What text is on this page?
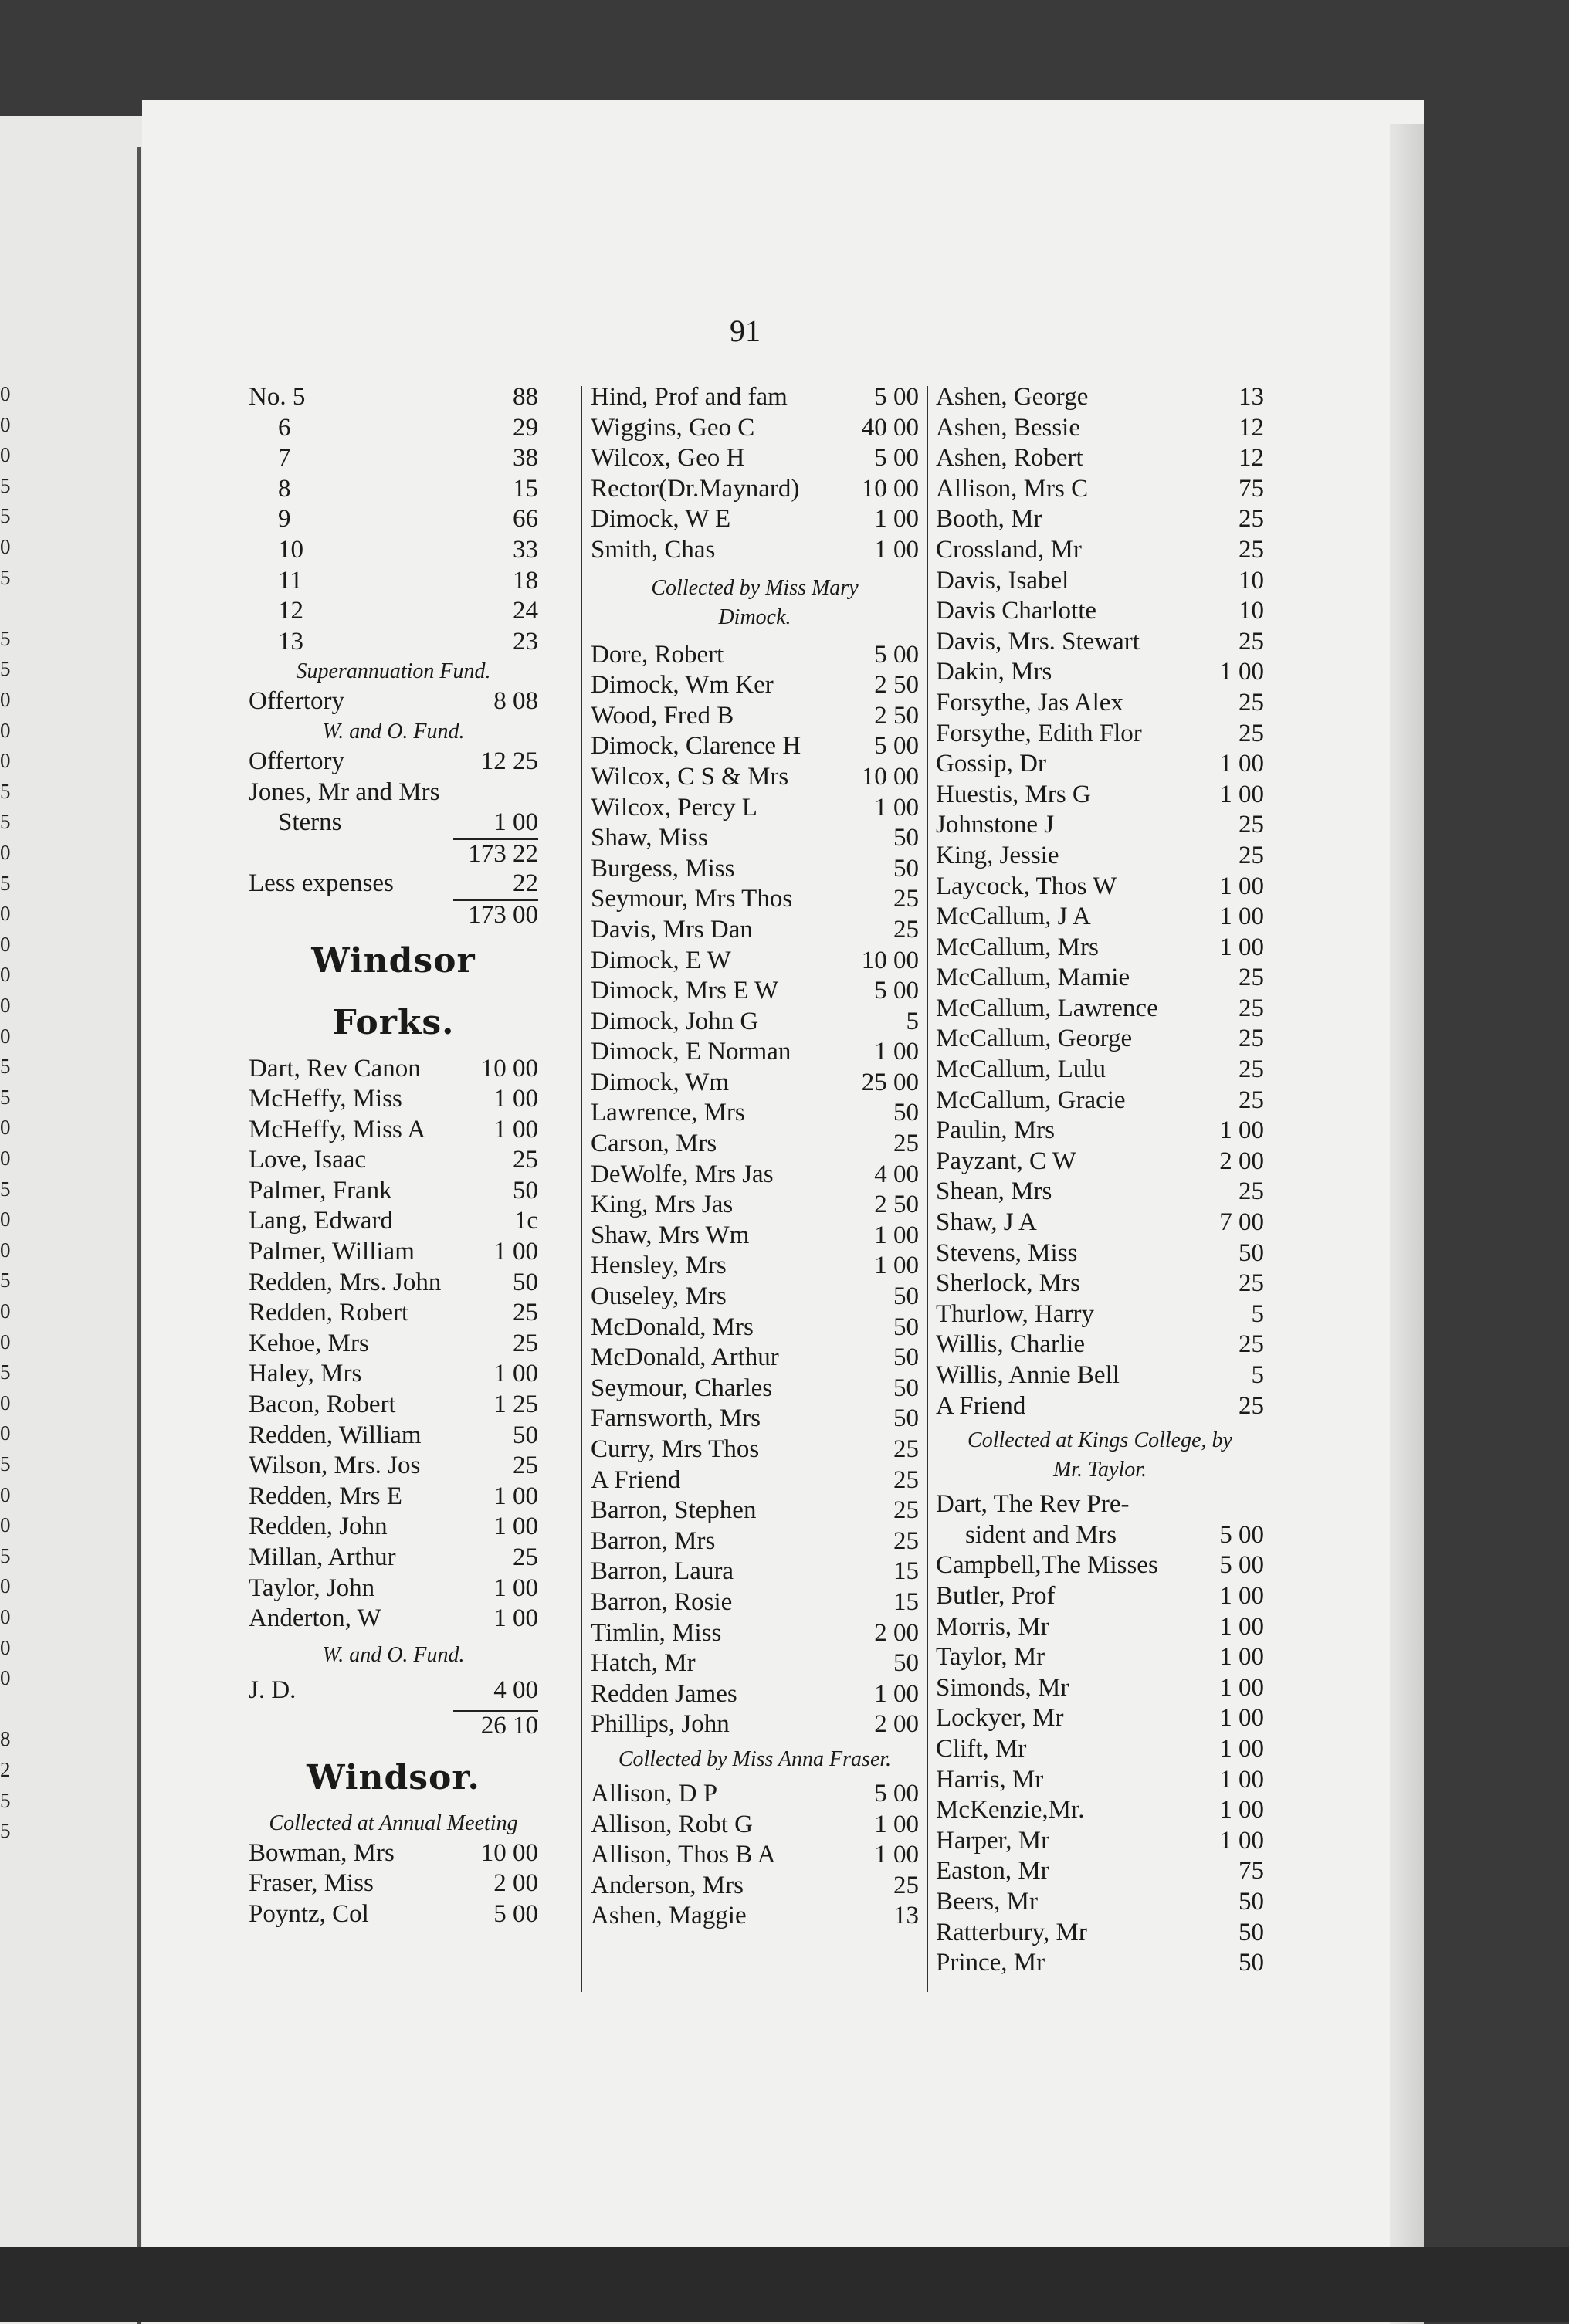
0
0
0
5
5
0
5
5
5
0
0
0
5
5
0
5
0
0
0
0
0
5
5
0
0
5
0
0
5
0
0
5
0
0
5
0
0
5
0
0
0
0
8
2
5
5
91
No. 5	88
6	29
7	38
8	15
9	66
10	33
11	18
12	24
13	23
Superannuation Fund.
Offertory	8 08
W. and O. Fund.
Offertory	12 25
Jones, Mr and Mrs
Sterns	1 00
173 22
Less expenses	22
173 00
Windsor Forks.
Dart, Rev Canon 10 00
McHeffy, Miss	1 00
McHeffy, Miss A	1 00
Love, Isaac	25
Palmer, Frank	50
Lang, Edward	1c
Palmer, William	1 00
Redden, Mrs. John	50
Redden, Robert	25
Kehoe, Mrs	25
Haley, Mrs	1 00
Bacon, Robert	1 25
Redden, William	50
Wilson, Mrs. Jos	25
Redden, Mrs E	1 00
Redden, John	1 00
Millan, Arthur	25
Taylor, John	1 00
Anderton, W	1 00
W. and O. Fund.
J. D.	4 00
26 10
Windsor.
Collected at Annual Meeting
Bowman, Mrs	10 00
Fraser, Miss	2 00
Poyntz, Col	5 00
Hind, Prof and fam	5 00
Wiggins, Geo C	40 00
Wilcox, Geo H	5 00
Rector(Dr.Maynard) 10 00
Dimock, W E	1 00
Smith, Chas	1 00
Collected by Miss Mary Dimock.
Dore, Robert	5 00
Dimock, Wm Ker	2 50
Wood, Fred B	2 50
Dimock, Clarence H	5 00
Wilcox, C S & Mrs	10 00
Wilcox, Percy L	1 00
Shaw, Miss	50
Burgess, Miss	50
Seymour, Mrs Thos	25
Davis, Mrs Dan	25
Dimock, E W	10 00
Dimock, Mrs E W	5 00
Dimock, John G	5
Dimock, E Norman	1 00
Dimock, Wm	25 00
Lawrence, Mrs	50
Carson, Mrs	25
DeWolfe, Mrs Jas	4 00
King, Mrs Jas	2 50
Shaw, Mrs Wm	1 00
Hensley, Mrs	1 00
Ouseley, Mrs	50
McDonald, Mrs	50
McDonald, Arthur	50
Seymour, Charles	50
Farnsworth, Mrs	50
Curry, Mrs Thos	25
A Friend	25
Barron, Stephen	25
Barron, Mrs	25
Barron, Laura	15
Barron, Rosie	15
Timlin, Miss	2 00
Hatch, Mr	50
Redden James	1 00
Phillips, John	2 00
Collected by Miss Anna Fraser.
Allison, D P	5 00
Allison, Robt G	1 00
Allison, Thos B A	1 00
Anderson, Mrs	25
Ashen, Maggie	13
Ashen, George	13
Ashen, Bessie	12
Ashen, Robert	12
Allison, Mrs C	75
Booth, Mr	25
Crossland, Mr	25
Davis, Isabel	10
Davis Charlotte	10
Davis, Mrs. Stewart	25
Dakin, Mrs	1 00
Forsythe, Jas Alex	25
Forsythe, Edith Flor	25
Gossip, Dr	1 00
Huestis, Mrs G	1 00
Johnstone J	25
King, Jessie	25
Laycock, Thos W	1 00
McCallum, J A	1 00
McCallum, Mrs	1 00
McCallum, Mamie	25
McCallum, Lawrence	25
McCallum, George	25
McCallum, Lulu	25
McCallum, Gracie	25
Paulin, Mrs	1 00
Payzant, C W	2 00
Shean, Mrs	25
Shaw, J A	7 00
Stevens, Miss	50
Sherlock, Mrs	25
Thurlow, Harry	5
Willis, Charlie	25
Willis, Annie Bell	5
A Friend	25
Collected at Kings College, by Mr. Taylor.
Dart, The Rev Pre-
sident and Mrs	5 00
Campbell,The Misses 5 00
Butler, Prof	1 00
Morris, Mr	1 00
Taylor, Mr	1 00
Simonds, Mr	1 00
Lockyer, Mr	1 00
Clift, Mr	1 00
Harris, Mr	1 00
McKenzie,Mr.	1 00
Harper, Mr	1 00
Easton, Mr	75
Beers, Mr	50
Ratterbury, Mr	50
Prince, Mr	50
